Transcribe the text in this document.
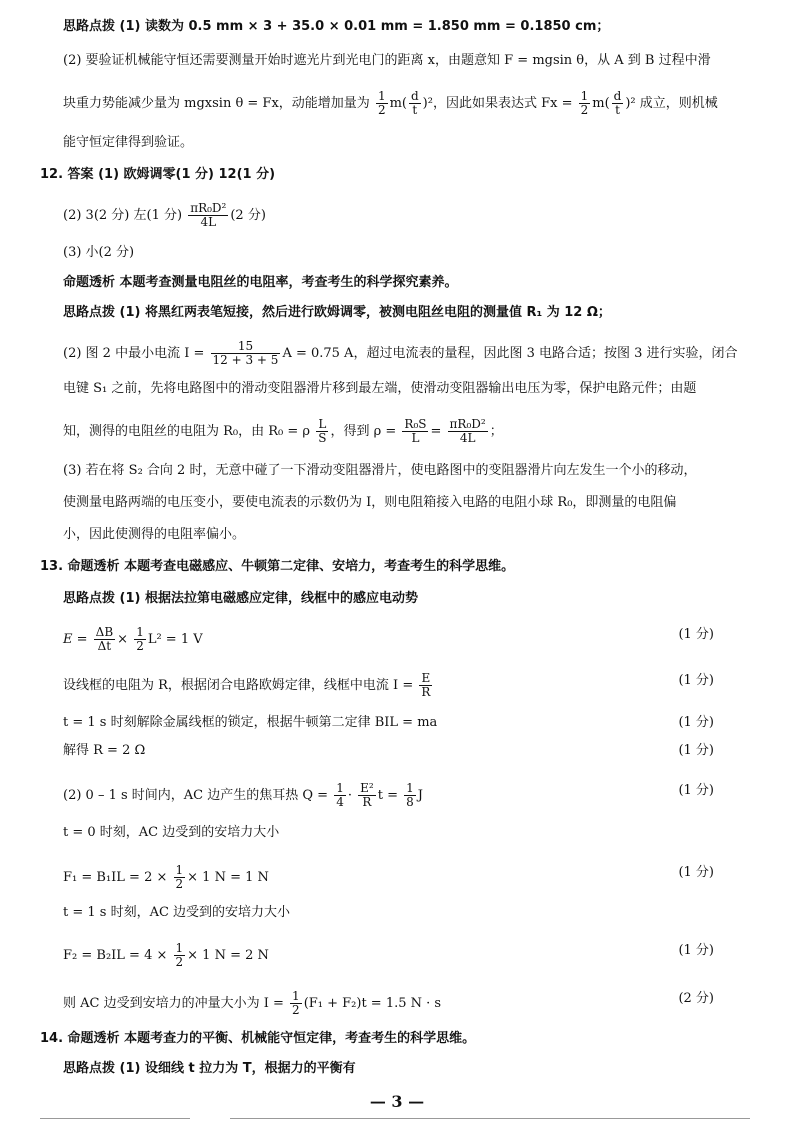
思路点拨 (1) 读数为 0.5 mm × 3 + 35.0 × 0.01 mm = 1.850 mm = 0.1850 cm；
(2) 要验证机械能守恒还需要测量开始时遮光片到光电门的距离 x，由题意知 F = mgsin θ，从 A 到 B 过程中滑
块重力势能减少量为 mgxsin θ = Fx，动能增加量为 $\frac{1}{2} m( \frac{d}{t} )^2$，因此如果表达式 $Fx = \frac{1}{2} m( \frac{d}{t} )^2$ 成立，则机械
能守恒定律得到验证。
12. 答案 (1) 欧姆调零(1 分) 12(1 分)
(2) 3(2 分) 左(1 分) $\frac{\text{πR₀D²}}{4L} (2$ 分)
(3) 小(2 分)
命题透析 本题考查测量电阻丝的电阻率，考查考生的科学探究素养。
思路点拨 (1) 将黑红两表笔短接，然后进行欧姆调零，被测电阻丝电阻的测量值 R₁ 为 12 Ω；
(2) 图 2 中最小电流 $I = \frac{15}{12 + 3 + 5}$ A = 0.75 A，超过电流表的量程，因此图 3 电路合适；按图 3 进行实验，闭合
电键 S₁ 之前，先将电路图中的滑动变阻器滑片移到最左端，使滑动变阻器输出电压为零，保护电路元件；由题
知，测得的电阻丝的电阻为 R₀，由 R₀ = ρ $\frac{L}{S}$ ，得到 $\rho = \frac{\text{R₀S}}{L} = \frac{\text{πR₀D²}}{4L}$ ；
(3) 若在将 S₂ 合向 2 时，无意中碰了一下滑动变阻器滑片，使电路图中的变阻器滑片向左发生一个小的移动，
使测量电路两端的电压变小，要使电流表的示数仍为 I，则电阻箱接入电路的电阻小球 R₀，即测量的电阻偏
小，因此使测得的电阻率偏小。
13. 命题透析 本题考查电磁感应、牛顿第二定律、安培力，考查考生的科学思维。
思路点拨 (1) 根据法拉第电磁感应定律，线框中的感应电动势
$E = \frac{\Delta B}{\Delta t} \times \frac{1}{2} L^2 = 1$ V	(1 分)
设线框的电阻为 R，根据闭合电路欧姆定律，线框中电流 $I = \frac{E}{R}$	(1 分)
t = 1 s 时刻解除金属线框的锁定，根据牛顿第二定律 BIL = ma	(1 分)
解得 R = 2 Ω	(1 分)
(2) 0 – 1 s 时间内，AC 边产生的焦耳热 $Q = \frac{1}{4} \cdot \frac{\text{E²}}{R}$ $t = \frac{1}{8}$ J	(1 分)
t = 0 时刻，AC 边受到的安培力大小
$F_1 = B_1IL = 2 \times \frac{1}{2} \times 1$ N = 1 N	(1 分)
t = 1 s 时刻，AC 边受到的安培力大小
$F_2 = B_2IL = 4 \times \frac{1}{2} \times 1$ N = 2 N	(1 分)
则 AC 边受到安培力的冲量大小为 $I = \frac{1}{2} (F_1 + F_2)t = 1.5$ N · s	(2 分)
14. 命题透析 本题考查力的平衡、机械能守恒定律，考查考生的科学思维。
思路点拨 (1) 设细线 t 拉力为 T，根据力的平衡有
— 3 —
